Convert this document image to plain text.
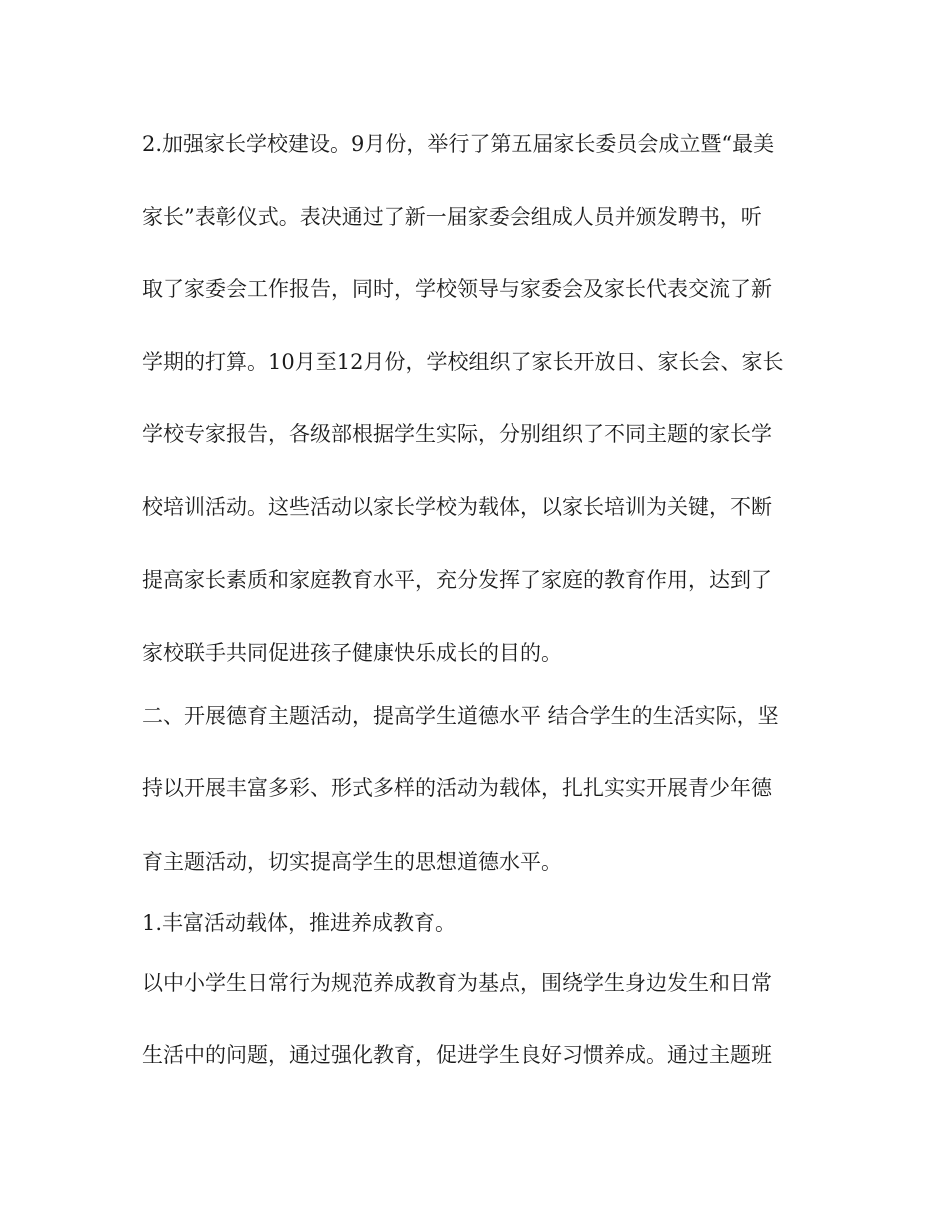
2.加强家长学校建设。9月份，举行了第五届家长委员会成立暨“最美

家长”表彰仪式。表决通过了新一届家委会组成人员并颁发聘书，听

取了家委会工作报告，同时，学校领导与家委会及家长代表交流了新

学期的打算。10月至12月份，学校组织了家长开放日、家长会、家长

学校专家报告，各级部根据学生实际，分别组织了不同主题的家长学

校培训活动。这些活动以家长学校为载体，以家长培训为关键，不断

提高家长素质和家庭教育水平，充分发挥了家庭的教育作用，达到了

家校联手共同促进孩子健康快乐成长的目的。

二、开展德育主题活动，提高学生道德水平 结合学生的生活实际，坚

持以开展丰富多彩、形式多样的活动为载体，扎扎实实开展青少年德

育主题活动，切实提高学生的思想道德水平。

1.丰富活动载体，推进养成教育。

以中小学生日常行为规范养成教育为基点，围绕学生身边发生和日常

生活中的问题，通过强化教育，促进学生良好习惯养成。通过主题班
